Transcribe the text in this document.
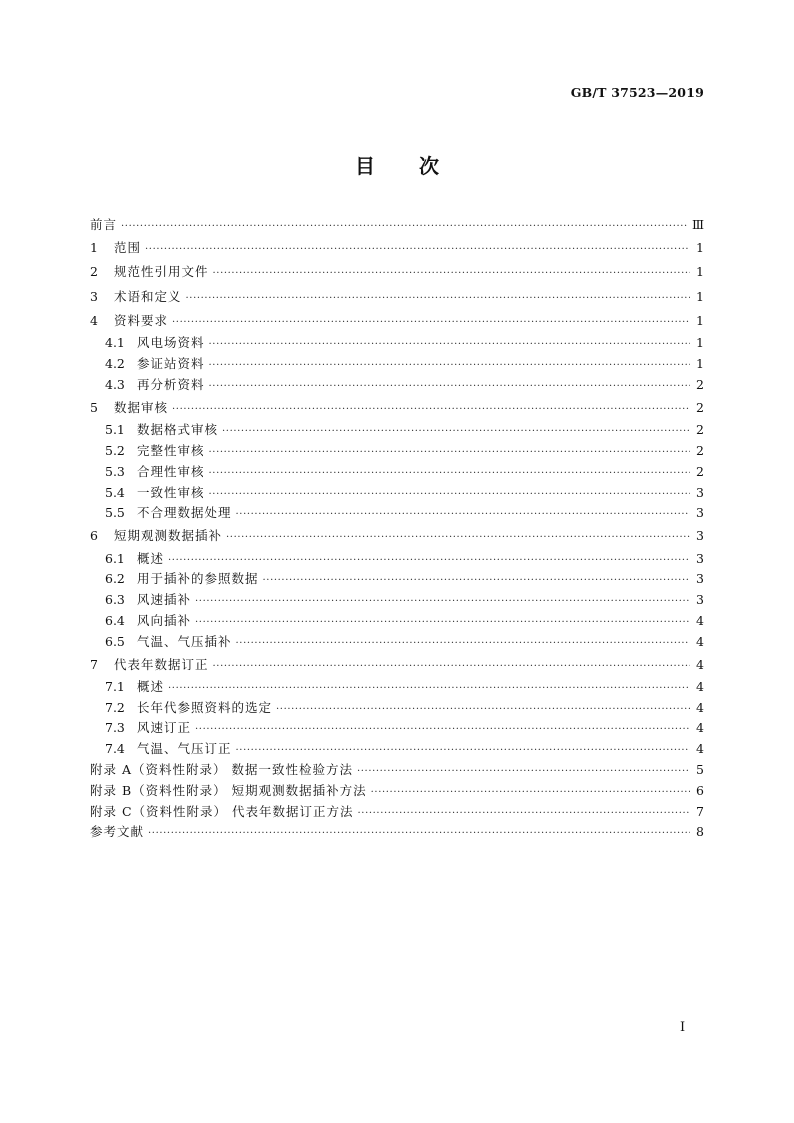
GB/T 37523—2019
目 次
前言 ·····	Ⅲ
1	范围 ·····	1
2	规范性引用文件 ·····	1
3	术语和定义 ·····	1
4	资料要求 ·····	1
4.1 风电场资料 ·····	1
4.2 参证站资料 ·····	1
4.3 再分析资料 ·····	2
5	数据审核 ·····	2
5.1 数据格式审核 ·····	2
5.2 完整性审核 ·····	2
5.3 合理性审核 ·····	2
5.4 一致性审核 ·····	3
5.5 不合理数据处理 ·····	3
6	短期观测数据插补 ·····	3
6.1 概述 ·····	3
6.2 用于插补的参照数据 ·····	3
6.3 风速插补 ·····	3
6.4 风向插补 ·····	4
6.5 气温、气压插补 ·····	4
7	代表年数据订正 ·····	4
7.1 概述 ·····	4
7.2 长年代参照资料的选定 ·····	4
7.3 风速订正 ·····	4
7.4 气温、气压订正 ·····	4
附录 A（资料性附录） 数据一致性检验方法 ·····	5
附录 B（资料性附录） 短期观测数据插补方法 ·····	6
附录 C（资料性附录） 代表年数据订正方法 ·····	7
参考文献 ·····	8
I
